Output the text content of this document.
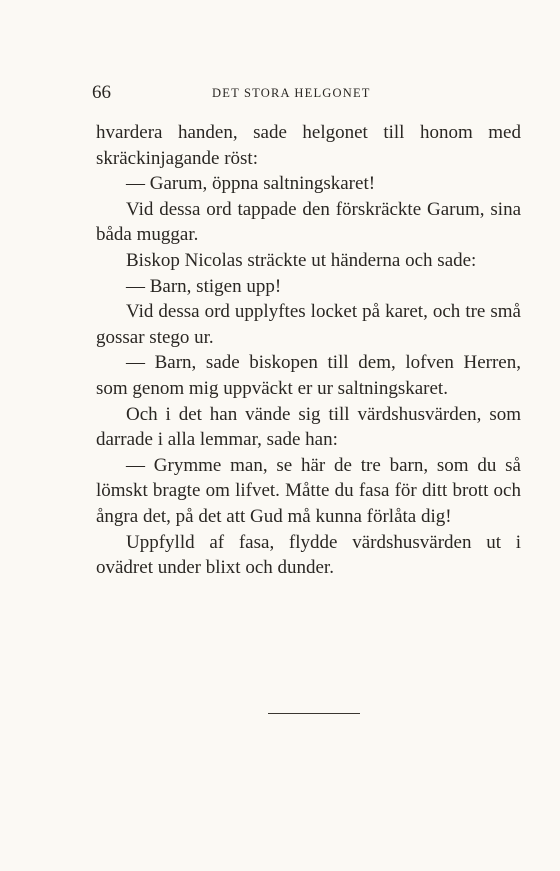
66	DET STORA HELGONET

hvardera handen, sade helgonet till honom med skräckinjagande röst:

— Garum, öppna saltningskaret!

Vid dessa ord tappade den förskräckte Garum, sina båda muggar.

Biskop Nicolas sträckte ut händerna och sade:

— Barn, stigen upp!

Vid dessa ord upplyftes locket på karet, och tre små gossar stego ur.

— Barn, sade biskopen till dem, lofven Herren, som genom mig uppväckt er ur saltningskaret.

Och i det han vände sig till värdshusvärden, som darrade i alla lemmar, sade han:

— Grymme man, se här de tre barn, som du så lömskt bragte om lifvet. Måtte du fasa för ditt brott och ångra det, på det att Gud må kunna förlåta dig!

Uppfylld af fasa, flydde värdshusvärden ut i ovädret under blixt och dunder.
